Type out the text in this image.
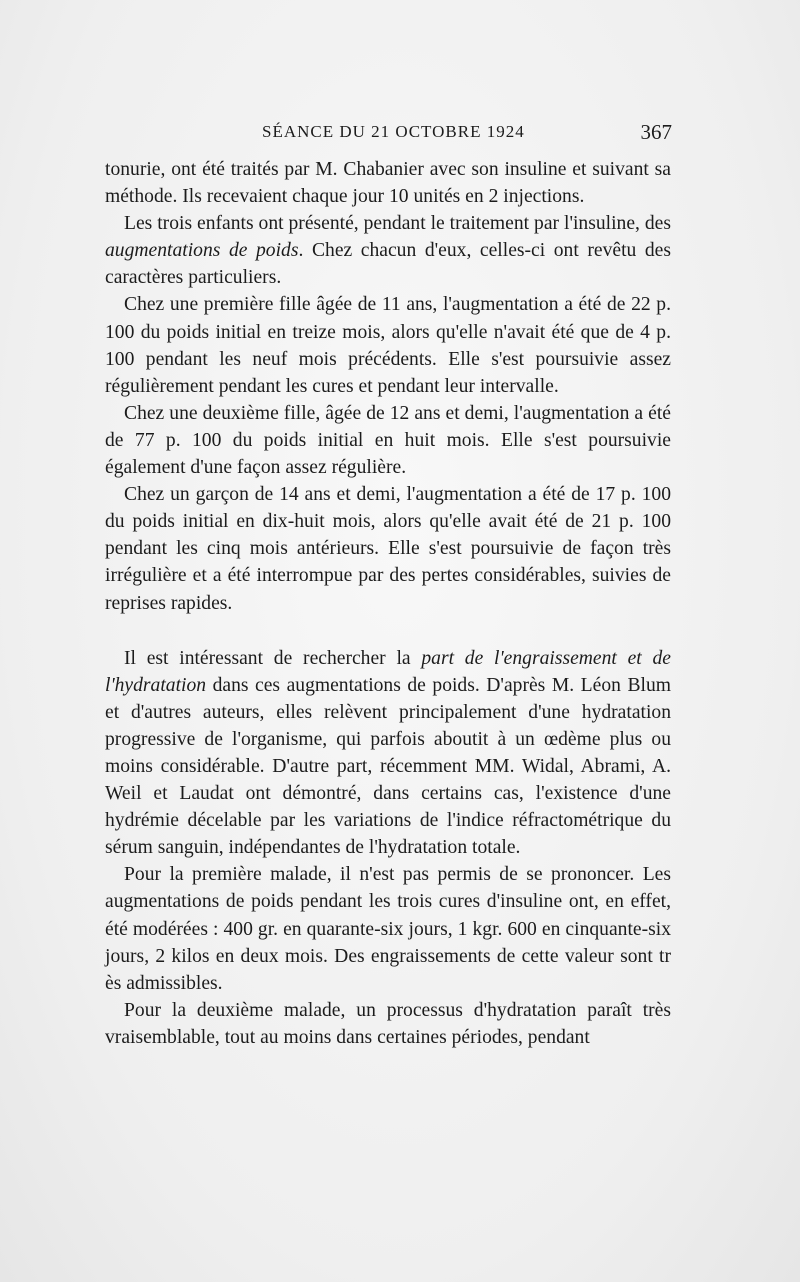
SÉANCE DU 21 OCTOBRE 1924	367

tonurie, ont été traités par M. Chabanier avec son insuline et suivant sa méthode. Ils recevaient chaque jour 10 unités en 2 injections.

Les trois enfants ont présenté, pendant le traitement par l'insuline, des augmentations de poids. Chez chacun d'eux, celles-ci ont revêtu des caractères particuliers.

Chez une première fille âgée de 11 ans, l'augmentation a été de 22 p. 100 du poids initial en treize mois, alors qu'elle n'avait été que de 4 p. 100 pendant les neuf mois précédents. Elle s'est poursuivie assez régulièrement pendant les cures et pendant leur intervalle.

Chez une deuxième fille, âgée de 12 ans et demi, l'augmentation a été de 77 p. 100 du poids initial en huit mois. Elle s'est poursuivie également d'une façon assez régulière.

Chez un garçon de 14 ans et demi, l'augmentation a été de 17 p. 100 du poids initial en dix-huit mois, alors qu'elle avait été de 21 p. 100 pendant les cinq mois antérieurs. Elle s'est poursuivie de façon très irrégulière et a été interrompue par des pertes considérables, suivies de reprises rapides.

Il est intéressant de rechercher la part de l'engraissement et de l'hydratation dans ces augmentations de poids. D'après M. Léon Blum et d'autres auteurs, elles relèvent principalement d'une hydratation progressive de l'organisme, qui parfois aboutit à un œdème plus ou moins considérable. D'autre part, récemment MM. Widal, Abrami, A. Weil et Laudat ont démontré, dans certains cas, l'existence d'une hydrémie décelable par les variations de l'indice réfractométrique du sérum sanguin, indépendantes de l'hydratation totale.

Pour la première malade, il n'est pas permis de se prononcer. Les augmentations de poids pendant les trois cures d'insuline ont, en effet, été modérées : 400 gr. en quarante-six jours, 1 kgr. 600 en cinquante-six jours, 2 kilos en deux mois. Des engraissements de cette valeur sont tr ès admissibles.

Pour la deuxième malade, un processus d'hydratation paraît très vraisemblable, tout au moins dans certaines périodes, pendant
